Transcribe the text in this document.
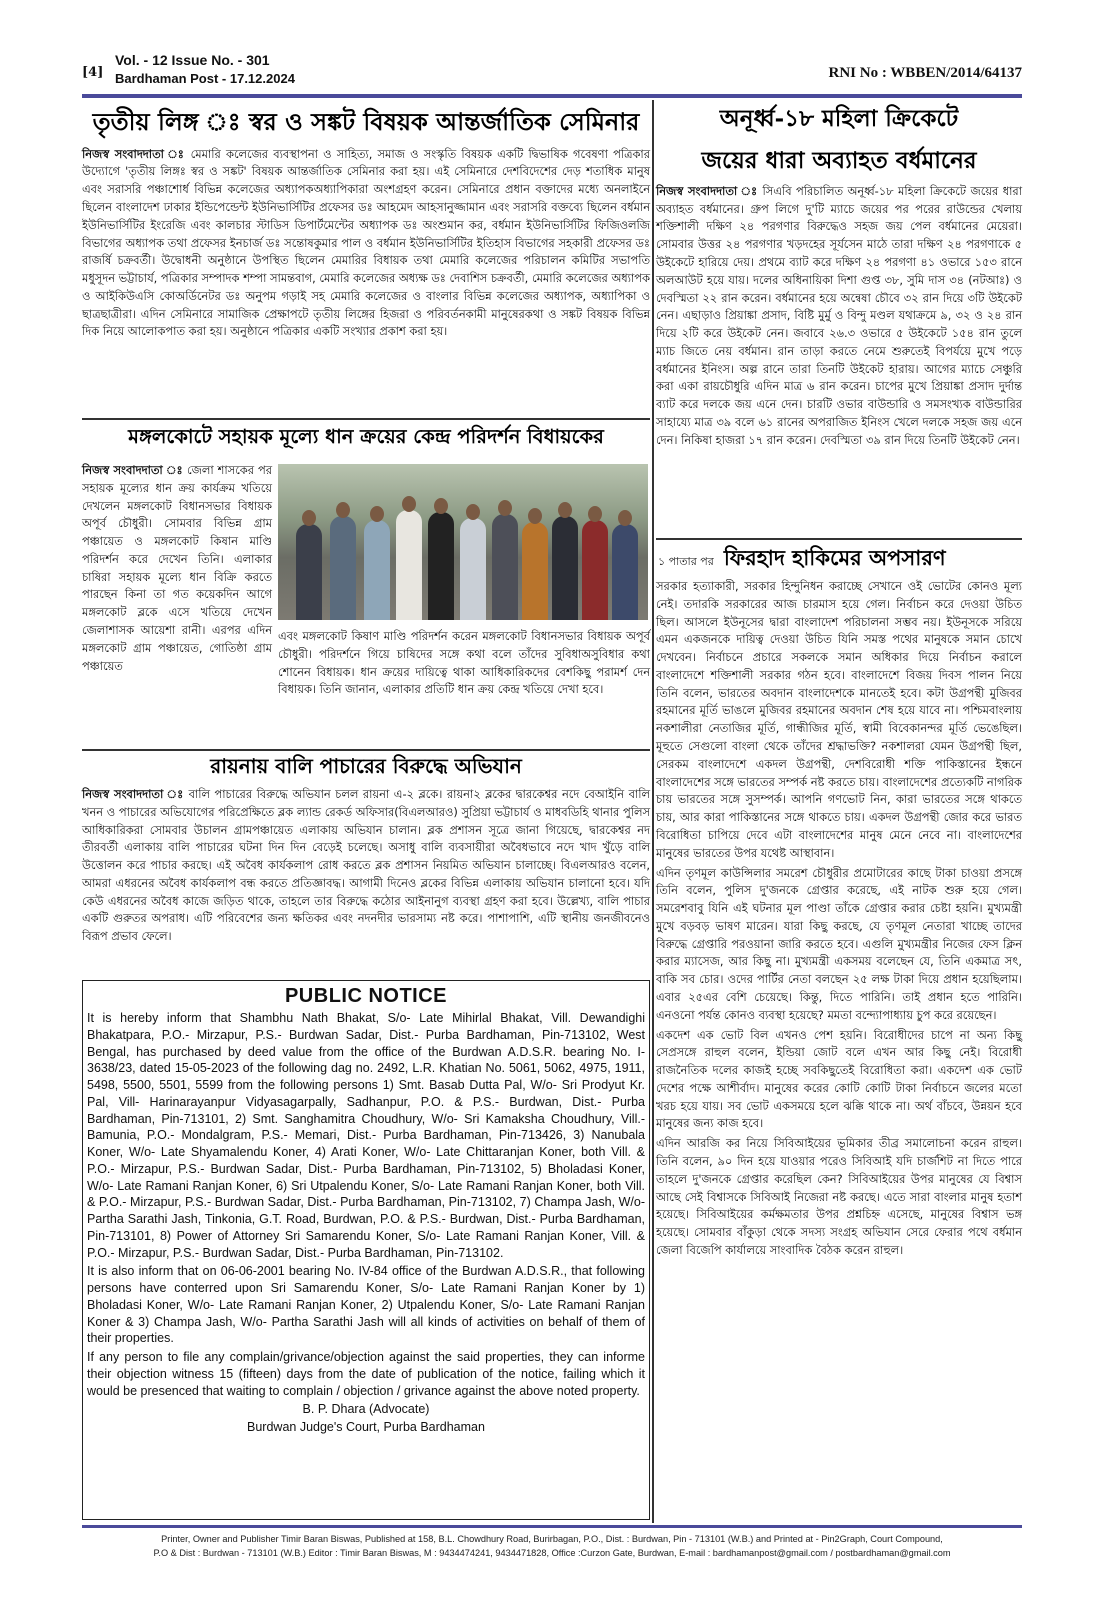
[4]
Vol. - 12 Issue No. - 301
Bardhaman Post - 17.12.2024	RNI No : WBBEN/2014/64137
তৃতীয় লিঙ্গ ঃ স্বর ও সঙ্কট বিষয়ক আন্তর্জাতিক সেমিনার
নিজস্ব সংবাদদাতা ঃ মেমারি কলেজের ব্যবস্থাপনা ও সাহিত্য, সমাজ ও সংস্কৃতি বিষয়ক একটি দ্বিভাষিক গবেষণা পত্রিকার উদ্যোগে 'তৃতীয় লিঙ্গঃ স্বর ও সঙ্কট' বিষয়ক আন্তর্জাতিক সেমিনার করা হয়। এই সেমিনারে দেশবিদেশের দেড় শতাধিক মানুষ এবং সরাসরি পঞ্চাশোর্ধ বিভিন্ন কলেজের অধ্যাপকঅধ্যাপিকারা অংশগ্রহণ করেন। সেমিনারে প্রধান বক্তাদের মধ্যে অনলাইনে ছিলেন বাংলাদেশ ঢাকার ইন্ডিপেন্ডেন্ট ইউনিভার্সিটির প্রফেসর ডঃ আহমেদ আহসানুজ্জামান এবং সরাসরি বক্তব্যে ছিলেন বর্ধমান ইউনিভার্সিটির ইংরেজি এবং কালচার স্টাডিস ডিপার্টমেন্টের অধ্যাপক ডঃ অংশুমান কর, বর্ধমান ইউনিভার্সিটির ফিজিওলজি বিভাগের অধ্যাপক তথা প্রফেসর ইনচার্জ ডঃ সন্তোষকুমার পাল ও বর্ধমান ইউনিভার্সিটির ইতিহাস বিভাগের সহকারী প্রফেসর ডঃ রাজর্ষি চক্রবর্তী। উদ্বোধনী অনুষ্ঠানে উপস্থিত ছিলেন মেমারির বিধায়ক তথা মেমারি কলেজের পরিচালন কমিটির সভাপতি মধুসূদন ভট্টাচার্য, পত্রিকার সম্পাদক শম্পা সামন্তবাগ, মেমারি কলেজের অধ্যক্ষ ডঃ দেবাশিস চক্রবর্তী, মেমারি কলেজের অধ্যাপক ও আইকিউএসি কোঅর্ডিনেটর ডঃ অনুপম গড়াই সহ মেমারি কলেজের ও বাংলার বিভিন্ন কলেজের অধ্যাপক, অধ্যাপিকা ও ছাত্রছাত্রীরা। এদিন সেমিনারে সামাজিক প্রেক্ষাপটে তৃতীয় লিঙ্গের হিজরা ও পরিবর্তনকামী মানুষেরকথা ও সঙ্কট বিষয়ক বিভিন্ন দিক নিয়ে আলোকপাত করা হয়। অনুষ্ঠানে পত্রিকার একটি সংখ্যার প্রকাশ করা হয়।
মঙ্গলকোটে সহায়ক মূল্যে ধান ক্রয়ের কেন্দ্র পরিদর্শন বিধায়কের
নিজস্ব সংবাদদাতা ঃ জেলা শাসকের পর সহায়ক মূল্যের ধান ক্রয় কার্যক্রম খতিয়ে দেখলেন মঙ্গলকোট বিধানসভার বিধায়ক অপূর্ব চৌধুরী। সোমবার বিভিন্ন গ্রাম পঞ্চায়েত ও মঙ্গলকোট কিষান মাণ্ডি পরিদর্শন করে দেখেন তিনি। এলাকার চাষিরা সহায়ক মূল্যে ধান বিক্রি করতে পারছেন কিনা তা গত কয়েকদিন আগে মঙ্গলকোট ব্লকে এসে খতিয়ে দেখেন জেলাশাসক আয়েশা রানী। এরপর এদিন মঙ্গলকোট গ্রাম পঞ্চায়েত, গোতিষ্ঠা গ্রাম পঞ্চায়েত
এবং মঙ্গলকোট কিষাণ মাণ্ডি পরিদর্শন করেন মঙ্গলকোট বিধানসভার বিধায়ক অপূর্ব চৌধুরী। পরিদর্শনে গিয়ে চাষিদের সঙ্গে কথা বলে তাঁদের সুবিধাঅসুবিধার কথা শোনেন বিধায়ক। ধান ক্রয়ের দায়িত্বে থাকা আধিকারিকদের বেশকিছু পরামর্শ দেন বিধায়ক। তিনি জানান, এলাকার প্রতিটি ধান ক্রয় কেন্দ্র খতিয়ে দেখা হবে।
রায়নায় বালি পাচারের বিরুদ্ধে অভিযান
নিজস্ব সংবাদদাতা ঃ বালি পাচারের বিরুদ্ধে অভিযান চলল রায়না এ-২ ব্লকে। রায়না২ ব্লকের দ্বারকেশ্বর নদে বেআইনি বালি খনন ও পাচারের অভিযোগের পরিপ্রেক্ষিতে ব্লক ল্যান্ড রেকর্ড অফিসার(বিএলআরও) সুপ্রিয়া ভট্টাচার্য ও মাধবডিহি থানার পুলিস আধিকারিকরা সোমবার উচালন গ্রামপঞ্চায়েত এলাকায় অভিযান চালান। ব্লক প্রশাসন সূত্রে জানা গিয়েছে, দ্বারকেশ্বর নদ তীরবর্তী এলাকায় বালি পাচারের ঘটনা দিন দিন বেড়েই চলেছে। অসাধু বালি ব্যবসায়ীরা অবৈধভাবে নদে খাদ খুঁড়ে বালি উত্তোলন করে পাচার করছে। এই অবৈধ কার্যকলাপ রোধ করতে ব্লক প্রশাসন নিয়মিত অভিযান চালাচ্ছে। বিএলআরও বলেন, আমরা এধরনের অবৈধ কার্যকলাপ বন্ধ করতে প্রতিজ্ঞাবদ্ধ। আগামী দিনেও ব্লকের বিভিন্ন এলাকায় অভিযান চালানো হবে। যদি কেউ এধরনের অবৈধ কাজে জড়িত থাকে, তাহলে তার বিরুদ্ধে কঠোর আইনানুগ ব্যবস্থা গ্রহণ করা হবে। উল্লেখ্য, বালি পাচার একটি গুরুতর অপরাধ। এটি পরিবেশের জন্য ক্ষতিকর এবং নদনদীর ভারসাম্য নষ্ট করে। পাশাপাশি, এটি স্থানীয় জনজীবনেও বিরূপ প্রভাব ফেলে।
PUBLIC NOTICE
It is hereby inform that Shambhu Nath Bhakat, S/o- Late Mihirlal Bhakat, Vill. Dewandighi Bhakatpara, P.O.- Mirzapur, P.S.- Burdwan Sadar, Dist.- Purba Bardhaman, Pin-713102, West Bengal, has purchased by deed value from the office of the Burdwan A.D.S.R. bearing No. I-3638/23, dated 15-05-2023 of the following dag no. 2492, L.R. Khatian No. 5061, 5062, 4975, 1911, 5498, 5500, 5501, 5599 from the following persons 1) Smt. Basab Dutta Pal, W/o- Sri Prodyut Kr. Pal, Vill- Harinarayanpur Vidyasagarpally, Sadhanpur, P.O. & P.S.- Burdwan, Dist.- Purba Bardhaman, Pin-713101, 2) Smt. Sanghamitra Choudhury, W/o- Sri Kamaksha Choudhury, Vill.- Bamunia, P.O.- Mondalgram, P.S.- Memari, Dist.- Purba Bardhaman, Pin-713426, 3) Nanubala Koner, W/o- Late Shyamalendu Koner, 4) Arati Koner, W/o- Late Chittaranjan Koner, both Vill. & P.O.- Mirzapur, P.S.- Burdwan Sadar, Dist.- Purba Bardhaman, Pin-713102, 5) Bholadasi Koner, W/o- Late Ramani Ranjan Koner, 6) Sri Utpalendu Koner, S/o- Late Ramani Ranjan Koner, both Vill. & P.O.- Mirzapur, P.S.- Burdwan Sadar, Dist.- Purba Bardhaman, Pin-713102, 7) Champa Jash, W/o- Partha Sarathi Jash, Tinkonia, G.T. Road, Burdwan, P.O. & P.S.- Burdwan, Dist.- Purba Bardhaman, Pin-713101, 8) Power of Attorney Sri Samarendu Koner, S/o- Late Ramani Ranjan Koner, Vill. & P.O.- Mirzapur, P.S.- Burdwan Sadar, Dist.- Purba Bardhaman, Pin-713102.
It is also inform that on 06-06-2001 bearing No. IV-84 office of the Burdwan A.D.S.R., that following persons have conterred upon Sri Samarendu Koner, S/o- Late Ramani Ranjan Koner by 1) Bholadasi Koner, W/o- Late Ramani Ranjan Koner, 2) Utpalendu Koner, S/o- Late Ramani Ranjan Koner & 3) Champa Jash, W/o- Partha Sarathi Jash will all kinds of activities on behalf of them of their properties.
If any person to file any complain/grivance/objection against the said properties, they can informe their objection witness 15 (fifteen) days from the date of publication of the notice, failing which it would be presenced that waiting to complain / objection / grivance against the above noted property.
B. P. Dhara (Advocate)
Burdwan Judge's Court, Purba Bardhaman
অনূর্ধ্ব-১৮ মহিলা ক্রিকেটে
জয়ের ধারা অব্যাহত বর্ধমানের
নিজস্ব সংবাদদাতা ঃ সিএবি পরিচালিত অনূর্ধ্ব-১৮ মহিলা ক্রিকেটে জয়ের ধারা অব্যাহত বর্ধমানের। গ্রুপ লিগে দু'টি ম্যাচে জয়ের পর পরের রাউন্ডের খেলায় শক্তিশালী দক্ষিণ ২৪ পরগণার বিরুদ্ধেও সহজ জয় পেল বর্ধমানের মেয়েরা। সোমবার উত্তর ২৪ পরগণার খড়দহের সূর্যসেন মাঠে তারা দক্ষিণ ২৪ পরগণাকে ৫ উইকেটে হারিয়ে দেয়। প্রথমে ব্যাট করে দক্ষিণ ২৪ পরগণা ৪১ ওভারে ১৫৩ রানে অলআউট হয়ে যায়। দলের অধিনায়িকা দিশা গুপ্ত ৩৮, সুমি দাস ৩৪ (নটআঃ) ও দেবস্মিতা ২২ রান করেন। বর্ধমানের হয়ে অন্বেষা চৌবে ৩২ রান দিয়ে ৩টি উইকেট নেন। এছাড়াও প্রিয়াঙ্কা প্রসাদ, বিষ্টি মুর্মু ও বিন্দু মণ্ডল যথাক্রমে ৯, ৩২ ও ২৪ রান দিয়ে ২টি করে উইকেট নেন। জবাবে ২৬.৩ ওভারে ৫ উইকেটে ১৫৪ রান তুলে ম্যাচ জিতে নেয় বর্ধমান। রান তাড়া করতে নেমে শুরুতেই বিপর্যয়ে মুখে পড়ে বর্ধমানের ইনিংস। অল্প রানে তারা তিনটি উইকেট হারায়। আগের ম্যাচে সেঞ্চুরি করা একা রায়চৌধুরি এদিন মাত্র ৬ রান করেন। চাপের মুখে প্রিয়াঙ্কা প্রসাদ দুর্দান্ত ব্যাট করে দলকে জয় এনে দেন। চারটি ওভার বাউন্ডারি ও সমসংখ্যক বাউন্ডারির সাহায্যে মাত্র ৩৯ বলে ৬১ রানের অপরাজিত ইনিংস খেলে দলকে সহজ জয় এনে দেন। নিকিষা হাজরা ১৭ রান করেন। দেবস্মিতা ৩৯ রান দিয়ে তিনটি উইকেট নেন।
১ পাতার পর ফিরহাদ হাকিমের অপসারণ

সরকার হত্যাকারী, সরকার হিন্দুনিধন করাচ্ছে সেখানে ওই ভোটের কোনও মূল্য নেই। তদারকি সরকারের আজ চারমাস হয়ে গেল। নির্বাচন করে দেওয়া উচিত ছিল। আসলে ইউনূসের দ্বারা বাংলাদেশ পরিচালনা সম্ভব নয়। ইউনূসকে সরিয়ে এমন একজনকে দায়িত্ব দেওয়া উচিত যিনি সমস্ত পথের মানুষকে সমান চোখে দেখবেন। নির্বাচনে প্রচারে সকলকে সমান অধিকার দিয়ে নির্বাচন করালে বাংলাদেশে শক্তিশালী সরকার গঠন হবে। বাংলাদেশে বিজয় দিবস পালন নিয়ে তিনি বলেন, ভারতের অবদান বাংলাদেশকে মানতেই হবে। কটা উগ্রপন্থী মুজিবর রহমানের মূর্তি ভাঙলে মুজিবর রহমানের অবদান শেষ হয়ে যাবে না। পশ্চিমবাংলায় নকশালীরা নেতাজির মূর্তি, গান্ধীজির মূর্তি, স্বামী বিবেকানন্দর মূর্তি ভেঙেছিল। মূহুতে সেগুলো বাংলা থেকে তাঁদের শ্রদ্ধাভক্তি? নকশালরা যেমন উগ্রপন্থী ছিল, সেরকম বাংলাদেশে একদল উগ্রপন্থী, দেশবিরোধী শক্তি পাকিস্তানের ইন্ধনে বাংলাদেশের সঙ্গে ভারতের সম্পর্ক নষ্ট করতে চায়। বাংলাদেশের প্রত্যেকটি নাগরিক চায় ভারতের সঙ্গে সুসম্পর্ক। আপনি গণভোট নিন, কারা ভারতের সঙ্গে থাকতে চায়, আর কারা পাকিস্তানের সঙ্গে থাকতে চায়। একদল উগ্রপন্থী জোর করে ভারত বিরোধিতা চাপিয়ে দেবে এটা বাংলাদেশের মানুষ মেনে নেবে না। বাংলাদেশের মানুষের ভারতের উপর যথেষ্ট আস্থাবান।

এদিন তৃণমূল কাউন্সিলার সমরেশ চৌধুরীর প্রমোটারের কাছে টাকা চাওয়া প্রসঙ্গে তিনি বলেন, পুলিস দু'জনকে গ্রেপ্তার করেছে, এই নাটক শুরু হয়ে গেল। সমরেশবাবু যিনি এই ঘটনার মূল পাণ্ডা তাঁকে গ্রেপ্তার করার চেষ্টা হয়নি। মুখ্যমন্ত্রী মুখে বড়বড় ভাষণ মারেন। যারা কিছু করছে, যে তৃণমূল নেতারা খাচ্ছে তাদের বিরুদ্ধে গ্রেপ্তারি পরওয়ানা জারি করতে হবে। এগুলি মুখ্যমন্ত্রীর নিজের ফেস ক্লিন করার ম্যাসেজ, আর কিছু না। মুখ্যমন্ত্রী একসময় বলেছেন যে, তিনি একমাত্র সৎ, বাকি সব চোর। ওদের পার্টির নেতা বলছেন ২৫ লক্ষ টাকা দিয়ে প্রধান হয়েছিলাম। এবার ২৫এর বেশি চেয়েছে। কিন্তু, দিতে পারিনি। তাই প্রধান হতে পারিনি। এনওনো পর্যন্ত কোনও ব্যবস্থা হয়েছে? মমতা বন্দ্যোপাধ্যায় চুপ করে রয়েছেন।

একদেশ এক ভোট বিল এখনও পেশ হয়নি। বিরোধীদের চাপে না অন্য কিছু সেপ্রসঙ্গে রাহুল বলেন, ইন্ডিয়া জোট বলে এখন আর কিছু নেই। বিরোধী রাজনৈতিক দলের কাজই হচ্ছে সবকিছুতেই বিরোধিতা করা। একদেশ এক ভোট দেশের পক্ষে আশীর্বাদ। মানুষের করের কোটি কোটি টাকা নির্বাচনে জলের মতো খরচ হয়ে যায়। সব ভোট একসময়ে হলে ঝক্কি থাকে না। অর্থ বাঁচবে, উন্নয়ন হবে মানুষের জন্য কাজ হবে।

এদিন আরজি কর নিয়ে সিবিআইয়ের ভূমিকার তীব্র সমালোচনা করেন রাহুল। তিনি বলেন, ৯০ দিন হয়ে যাওয়ার পরেও সিবিআই যদি চার্জশিট না দিতে পারে তাহলে দু'জনকে গ্রেপ্তার করেছিল কেন? সিবিআইয়ের উপর মানুষের যে বিশ্বাস আছে সেই বিশ্বাসকে সিবিআই নিজেরা নষ্ট করছে। এতে সারা বাংলার মানুষ হতাশ হয়েছে। সিবিআইয়ের কর্মক্ষমতার উপর প্রশ্নচিহ্ন এসেছে, মানুষের বিশ্বাস ভঙ্গ হয়েছে। সোমবার বাঁকুড়া থেকে সদস্য সংগ্রহ অভিযান সেরে ফেরার পথে বর্ধমান জেলা বিজেপি কার্যালয়ে সাংবাদিক বৈঠক করেন রাহুল।

Printer, Owner and Publisher Timir Baran Biswas, Published at 158, B.L. Chowdhury Road, Burirbagan, P.O., Dist. : Burdwan, Pin - 713101 (W.B.) and Printed at - Pin2Graph, Court Compound,
P.O & Dist : Burdwan - 713101 (W.B.) Editor : Timir Baran Biswas, M : 9434474241, 9434471828, Office :Curzon Gate, Burdwan, E-mail : bardhamanpost@gmail.com / postbardhaman@gmail.com
